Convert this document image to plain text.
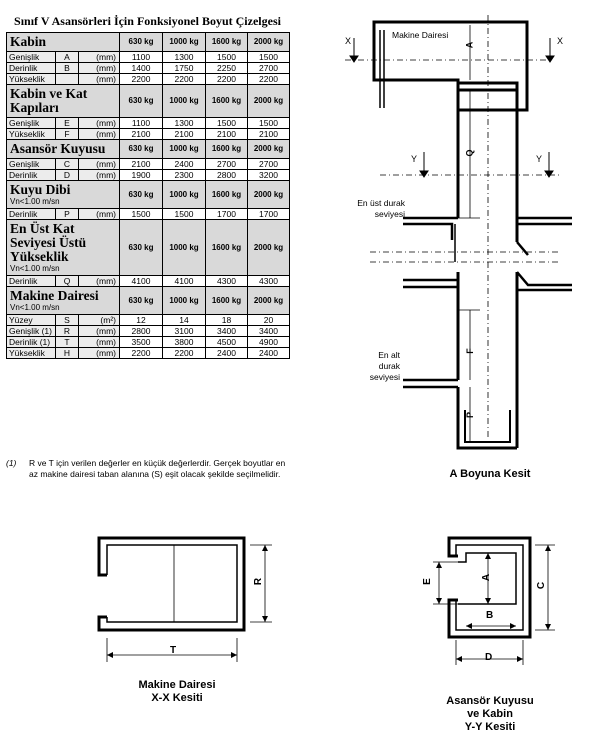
Sınıf V Asansörleri İçin Fonksiyonel Boyut Çizelgesi
Kabin			630 kg	1000 kg	1600 kg	2000 kg
Genişlik	A	(mm)	1100	1300	1500	1500
Derinlik	B	(mm)	1400	1750	2250	2700
Yükseklik		(mm)	2200	2200	2200	2200

Kabin ve Kat Kapıları			630 kg	1000 kg	1600 kg	2000 kg
Genişlik	E	(mm)	1100	1300	1500	1500
Yükseklik	F	(mm)	2100	2100	2100	2100

Asansör Kuyusu			630 kg	1000 kg	1600 kg	2000 kg
Genişlik	C	(mm)	2100	2400	2700	2700
Derinlik	D	(mm)	1900	2300	2800	3200

Kuyu Dibi
Vn<1.00 m/sn			630 kg	1000 kg	1600 kg	2000 kg
Derinlik	P	(mm)	1500	1500	1700	1700

En Üst Kat Seviyesi Üstü Yükseklik
Vn<1.00 m/sn			630 kg	1000 kg	1600 kg	2000 kg
Derinlik	Q	(mm)	4100	4100	4300	4300

Makine Dairesi
Vn<1.00 m/sn			630 kg	1000 kg	1600 kg	2000 kg
Yüzey	S	(m²)	12	14	18	20
Genişlik (1)	R	(mm)	2800	3100	3400	3400
Derinlik (1)	T	(mm)	3500	3800	4500	4900
Yükseklik	H	(mm)	2200	2200	2400	2400
(1) R ve T için verilen değerler en küçük değerlerdir. Gerçek boyutlar en az makine dairesi taban alanına (S) eşit olacak şekilde seçilmelidir.
X	X
Y	Y
Makine Dairesi
En üst durak seviyesi
En alt durak seviyesi
A
Q
F
P
A Boyuna Kesit
T
R
Makine Dairesi
X-X Kesiti
E
A
B
C
D
Asansör Kuyusu
ve Kabin
Y-Y Kesiti
